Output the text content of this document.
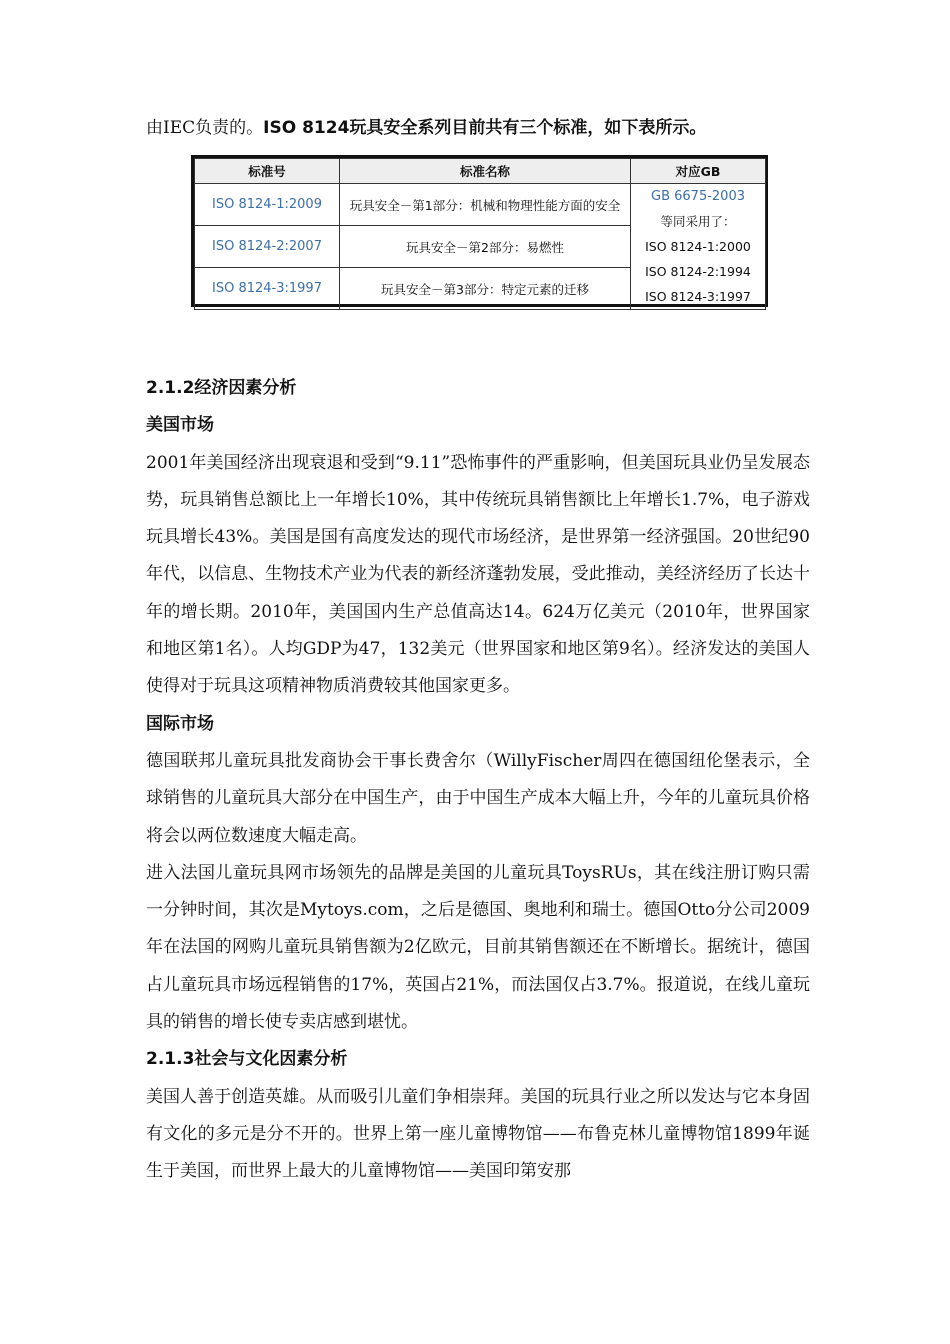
由IEC负责的。ISO 8124玩具安全系列目前共有三个标准，如下表所示。
标准号	标准名称	对应GB
ISO 8124-1:2009	玩具安全－第1部分：机械和物理性能方面的安全	GB 6675-2003
等同采用了：
ISO 8124-1:2000
ISO 8124-2:1994
ISO 8124-3:1997

ISO 8124-2:2007	玩具安全－第2部分：易燃性	
ISO 8124-3:1997	玩具安全－第3部分：特定元素的迁移	

2.1.2经济因素分析

美国市场

2001年美国经济出现衰退和受到“9.11”恐怖事件的严重影响，但美国玩具业仍呈发展态势，玩具销售总额比上一年增长10%，其中传统玩具销售额比上年增长1.7%，电子游戏玩具增长43%。美国是国有高度发达的现代市场经济，是世界第一经济强国。20世纪90年代，以信息、生物技术产业为代表的新经济蓬勃发展，受此推动，美经济经历了长达十年的增长期。2010年，美国国内生产总值高达14。624万亿美元（2010年，世界国家和地区第1名）。人均GDP为47，132美元（世界国家和地区第9名）。经济发达的美国人使得对于玩具这项精神物质消费较其他国家更多。

国际市场

德国联邦儿童玩具批发商协会干事长费舍尔（WillyFischer周四在德国纽伦堡表示，全球销售的儿童玩具大部分在中国生产，由于中国生产成本大幅上升，今年的儿童玩具价格将会以两位数速度大幅走高。

进入法国儿童玩具网市场领先的品牌是美国的儿童玩具ToysRUs，其在线注册订购只需一分钟时间，其次是Mytoys.com，之后是德国、奥地利和瑞士。德国Otto分公司2009年在法国的网购儿童玩具销售额为2亿欧元，目前其销售额还在不断增长。据统计，德国占儿童玩具市场远程销售的17%，英国占21%，而法国仅占3.7%。报道说，在线儿童玩具的销售的增长使专卖店感到堪忧。

2.1.3社会与文化因素分析

美国人善于创造英雄。从而吸引儿童们争相崇拜。美国的玩具行业之所以发达与它本身固有文化的多元是分不开的。世界上第一座儿童博物馆——布鲁克林儿童博物馆1899年诞生于美国，而世界上最大的儿童博物馆——美国印第安那
